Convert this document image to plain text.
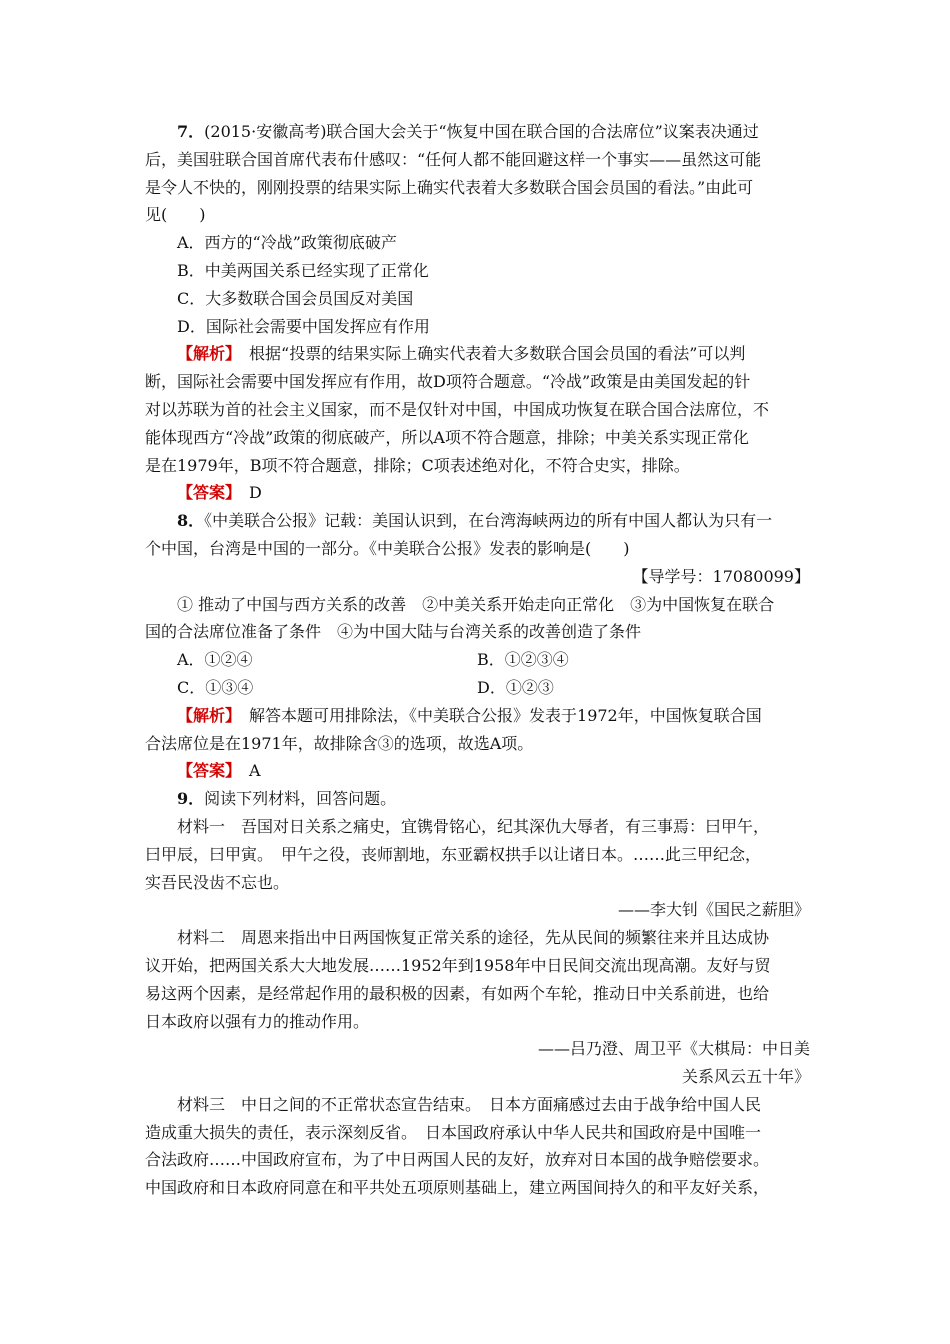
7．(2015·安徽高考)联合国大会关于“恢复中国在联合国的合法席位”议案表决通过

后，美国驻联合国首席代表布什感叹：“任何人都不能回避这样一个事实——虽然这可能

是令人不快的，刚刚投票的结果实际上确实代表着大多数联合国会员国的看法。”由此可

见(　　)

A．西方的“冷战”政策彻底破产

B．中美两国关系已经实现了正常化

C．大多数联合国会员国反对美国

D．国际社会需要中国发挥应有作用

【解析】 根据“投票的结果实际上确实代表着大多数联合国会员国的看法”可以判

断，国际社会需要中国发挥应有作用，故D项符合题意。“冷战”政策是由美国发起的针

对以苏联为首的社会主义国家，而不是仅针对中国，中国成功恢复在联合国合法席位，不

能体现西方“冷战”政策的彻底破产，所以A项不符合题意，排除；中美关系实现正常化

是在1979年，B项不符合题意，排除；C项表述绝对化，不符合史实，排除。

【答案】 D

8．《中美联合公报》记载：美国认识到，在台湾海峡两边的所有中国人都认为只有一

个中国，台湾是中国的一部分。《中美联合公报》发表的影响是(　　)

【导学号：17080099】

① 推动了中国与西方关系的改善　②中美关系开始走向正常化　③为中国恢复在联合

国的合法席位准备了条件　④为中国大陆与台湾关系的改善创造了条件

A．①②④	B．①②③④
C．①③④	D．①②③

【解析】 解答本题可用排除法，《中美联合公报》发表于1972年，中国恢复联合国

合法席位是在1971年，故排除含③的选项，故选A项。

【答案】 A

9．阅读下列材料，回答问题。

材料一　吾国对日关系之痛史，宜镌骨铭心，纪其深仇大辱者，有三事焉：曰甲午，

曰甲辰，曰甲寅。　甲午之役，丧师割地，东亚霸权拱手以让诸日本。……此三甲纪念，

实吾民没齿不忘也。

——李大钊《国民之薪胆》

材料二　周恩来指出中日两国恢复正常关系的途径，先从民间的频繁往来并且达成协

议开始，把两国关系大大地发展……1952年到1958年中日民间交流出现高潮。友好与贸

易这两个因素，是经常起作用的最积极的因素，有如两个车轮，推动日中关系前进，也给

日本政府以强有力的推动作用。

——吕乃澄、周卫平《大棋局：中日美

关系风云五十年》

材料三　中日之间的不正常状态宣告结束。　日本方面痛感过去由于战争给中国人民

造成重大损失的责任，表示深刻反省。　日本国政府承认中华人民共和国政府是中国唯一

合法政府……中国政府宣布，为了中日两国人民的友好，放弃对日本国的战争赔偿要求。

中国政府和日本政府同意在和平共处五项原则基础上，建立两国间持久的和平友好关系，
